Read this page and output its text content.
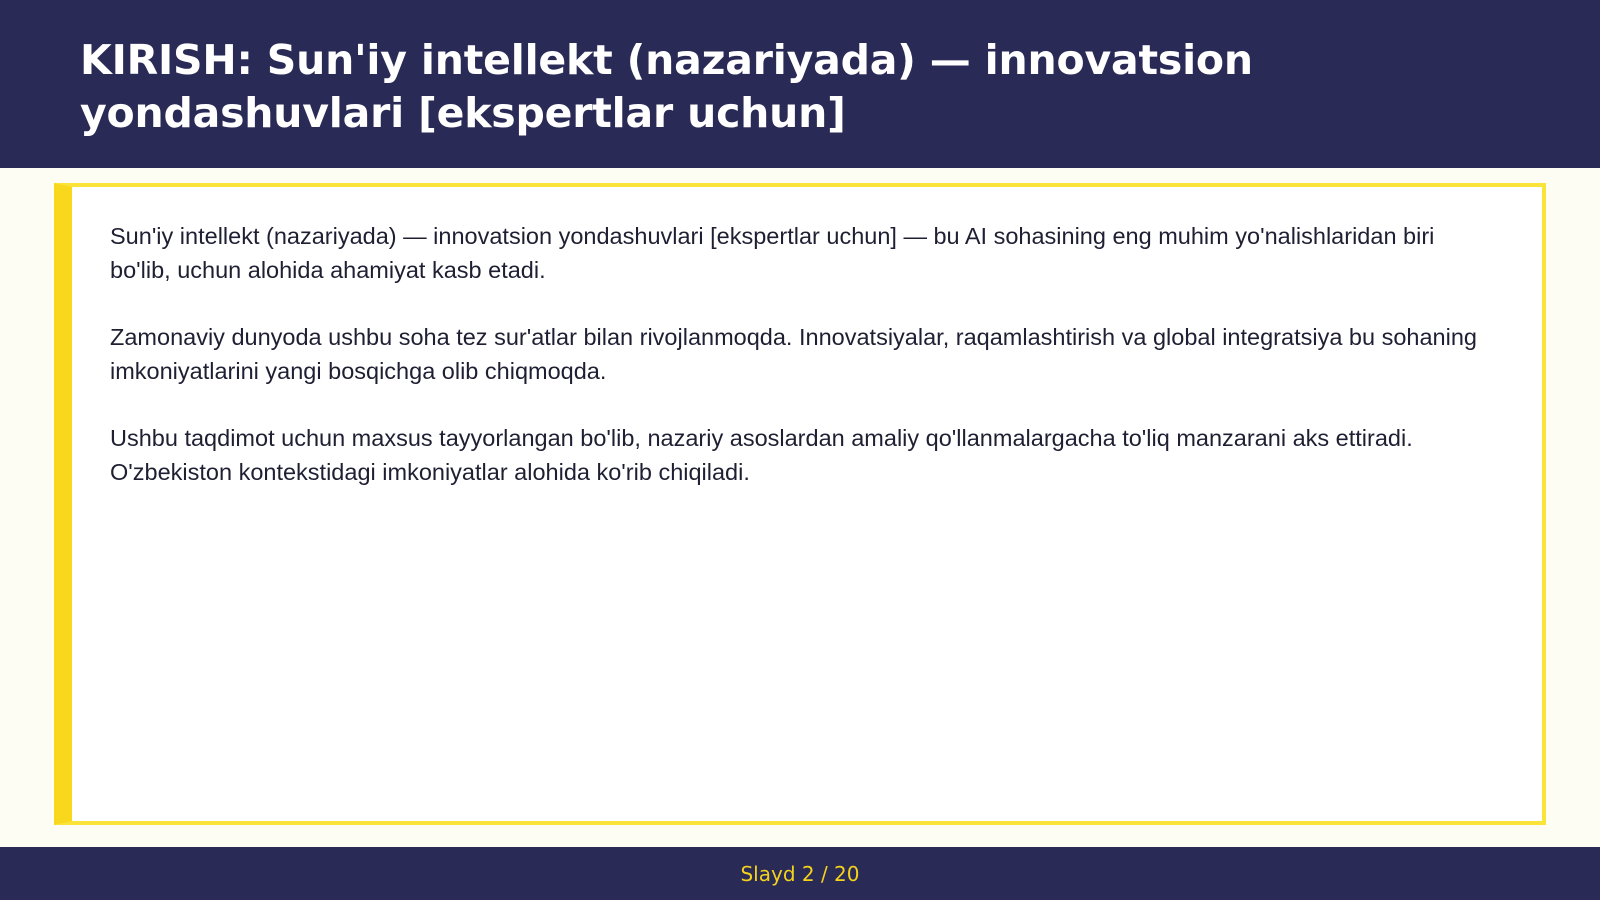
KIRISH: Sun'iy intellekt (nazariyada) — innovatsion yondashuvlari [ekspertlar uchun]

Sun'iy intellekt (nazariyada) — innovatsion yondashuvlari [ekspertlar uchun] — bu AI sohasining eng muhim yo'nalishlaridan biri bo'lib, uchun alohida ahamiyat kasb etadi.

Zamonaviy dunyoda ushbu soha tez sur'atlar bilan rivojlanmoqda. Innovatsiyalar, raqamlashtirish va global integratsiya bu sohaning imkoniyatlarini yangi bosqichga olib chiqmoqda.

Ushbu taqdimot uchun maxsus tayyorlangan bo'lib, nazariy asoslardan amaliy qo'llanmalargacha to'liq manzarani aks ettiradi. O'zbekiston kontekstidagi imkoniyatlar alohida ko'rib chiqiladi.

Slayd 2 / 20
